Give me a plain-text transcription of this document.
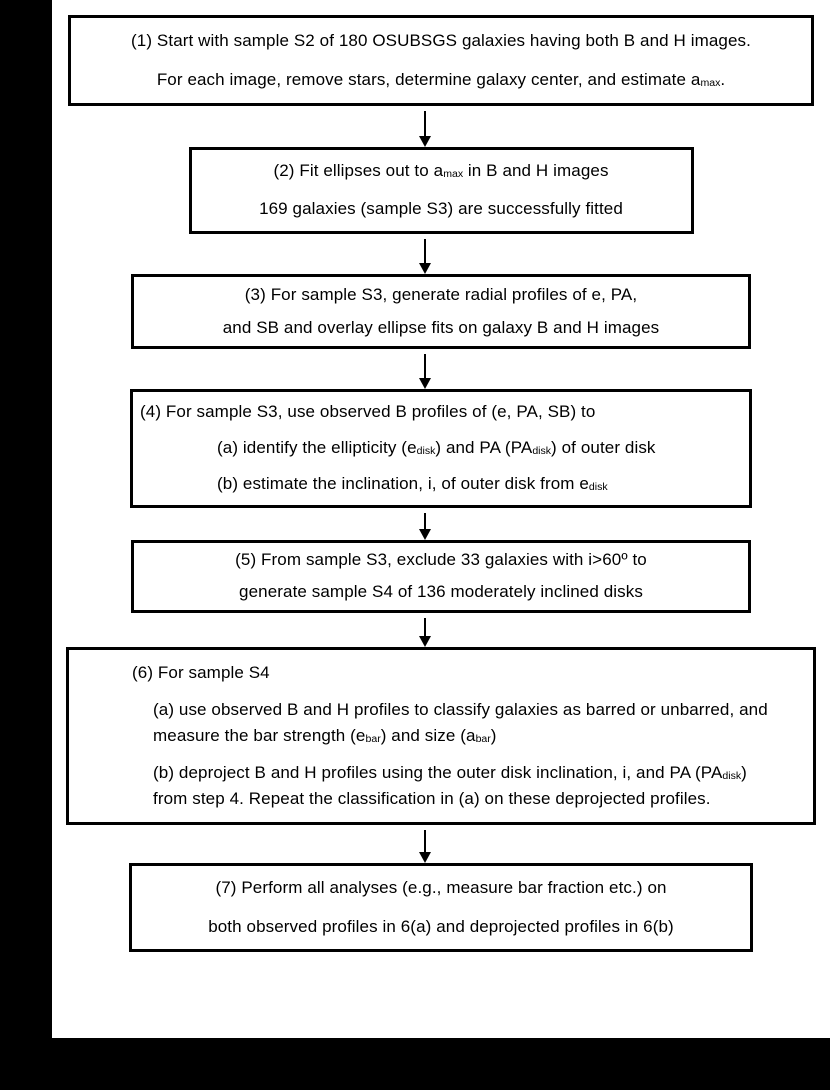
(1) Start with sample S2 of 180 OSUBSGS galaxies having both B and H images.
For each image, remove stars, determine galaxy center, and estimate $a_{max}$.
(2) Fit ellipses out to $a_{max}$ in B and H images
169 galaxies (sample S3) are successfully fitted
(3) For sample S3, generate radial profiles of e, PA,
and SB and overlay ellipse fits on galaxy B and H images
(4) For sample S3, use observed B profiles of (e, PA, SB) to
(a) identify the ellipticity $(e_{disk})$ and PA $(PA_{disk})$ of outer disk
(b) estimate the inclination, i, of outer disk from $e_{disk}$
(5) From sample S3, exclude 33 galaxies with i>60º to
generate sample S4 of 136 moderately inclined disks
(6) For sample S4
(a) use observed B and H profiles to classify galaxies as barred or unbarred, and measure the bar strength $(e_{bar})$ and size $(a_{bar})$
(b) deproject B and H profiles using the outer disk inclination, i, and PA $(PA_{disk})$ from step 4. Repeat the classification in (a) on these deprojected profiles.
(7) Perform all analyses (e.g., measure bar fraction etc.) on
both observed profiles in 6(a) and deprojected profiles in 6(b)
